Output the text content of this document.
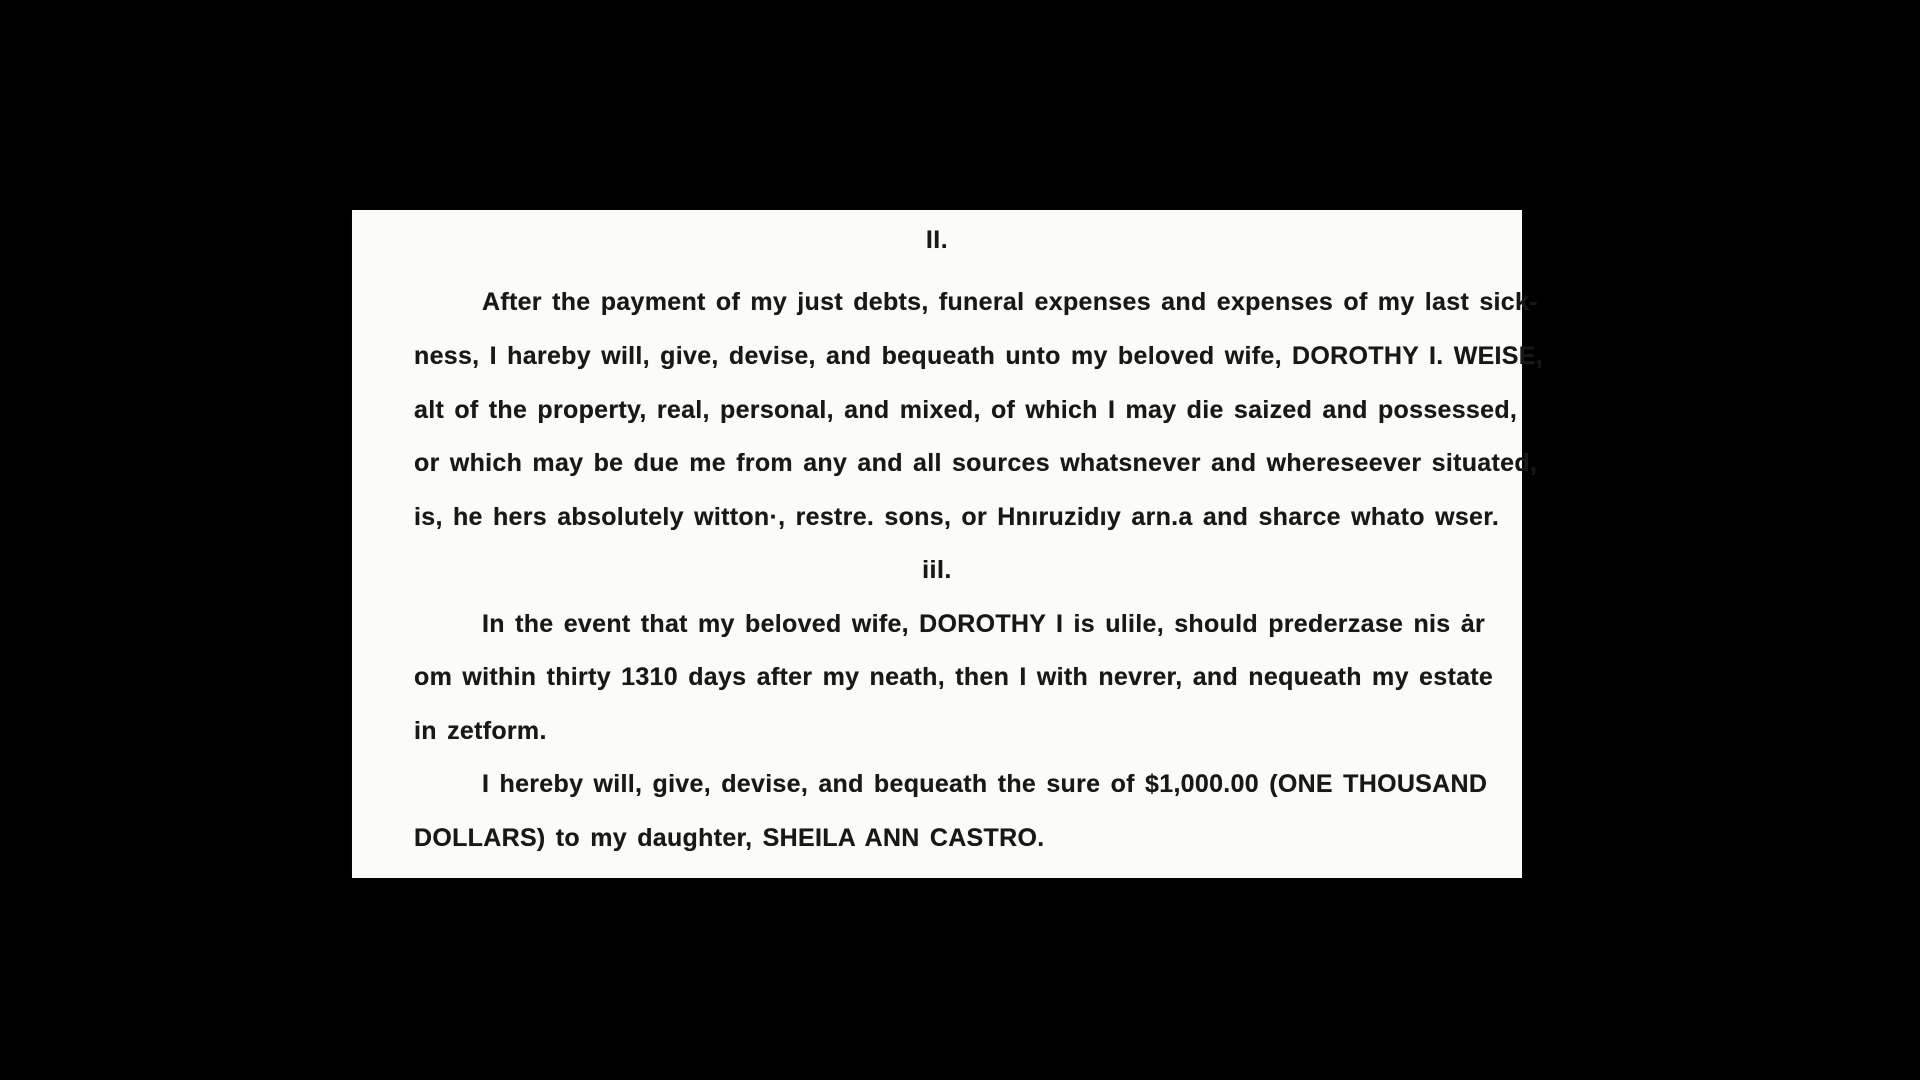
II.
After the payment of my just debts, funeral expenses and expenses of my last sick-
ness, I hareby will, give, devise, and bequeath unto my beloved wife, DOROTHY I. WEISE,
alt of the property, real, personal, and mixed, of which I may die saized and possessed,
or which may be due me from any and all sources whatsnever and whereseever situated,
is, he hers absolutely witton·, restre. sons, or Hnıruzidıy arn.a and sharce whato wser.
iil.
In the event that my beloved wife, DOROTHY I is ulile, should prederzase nis ȧr
om within thirty 1310 days after my neath, then I with nevrer, and nequeath my estate
in zetform.
I hereby will, give, devise, and bequeath the sure of $1,000.00 (ONE THOUSAND
DOLLARS) to my daughter, SHEILA ANN CASTRO.
